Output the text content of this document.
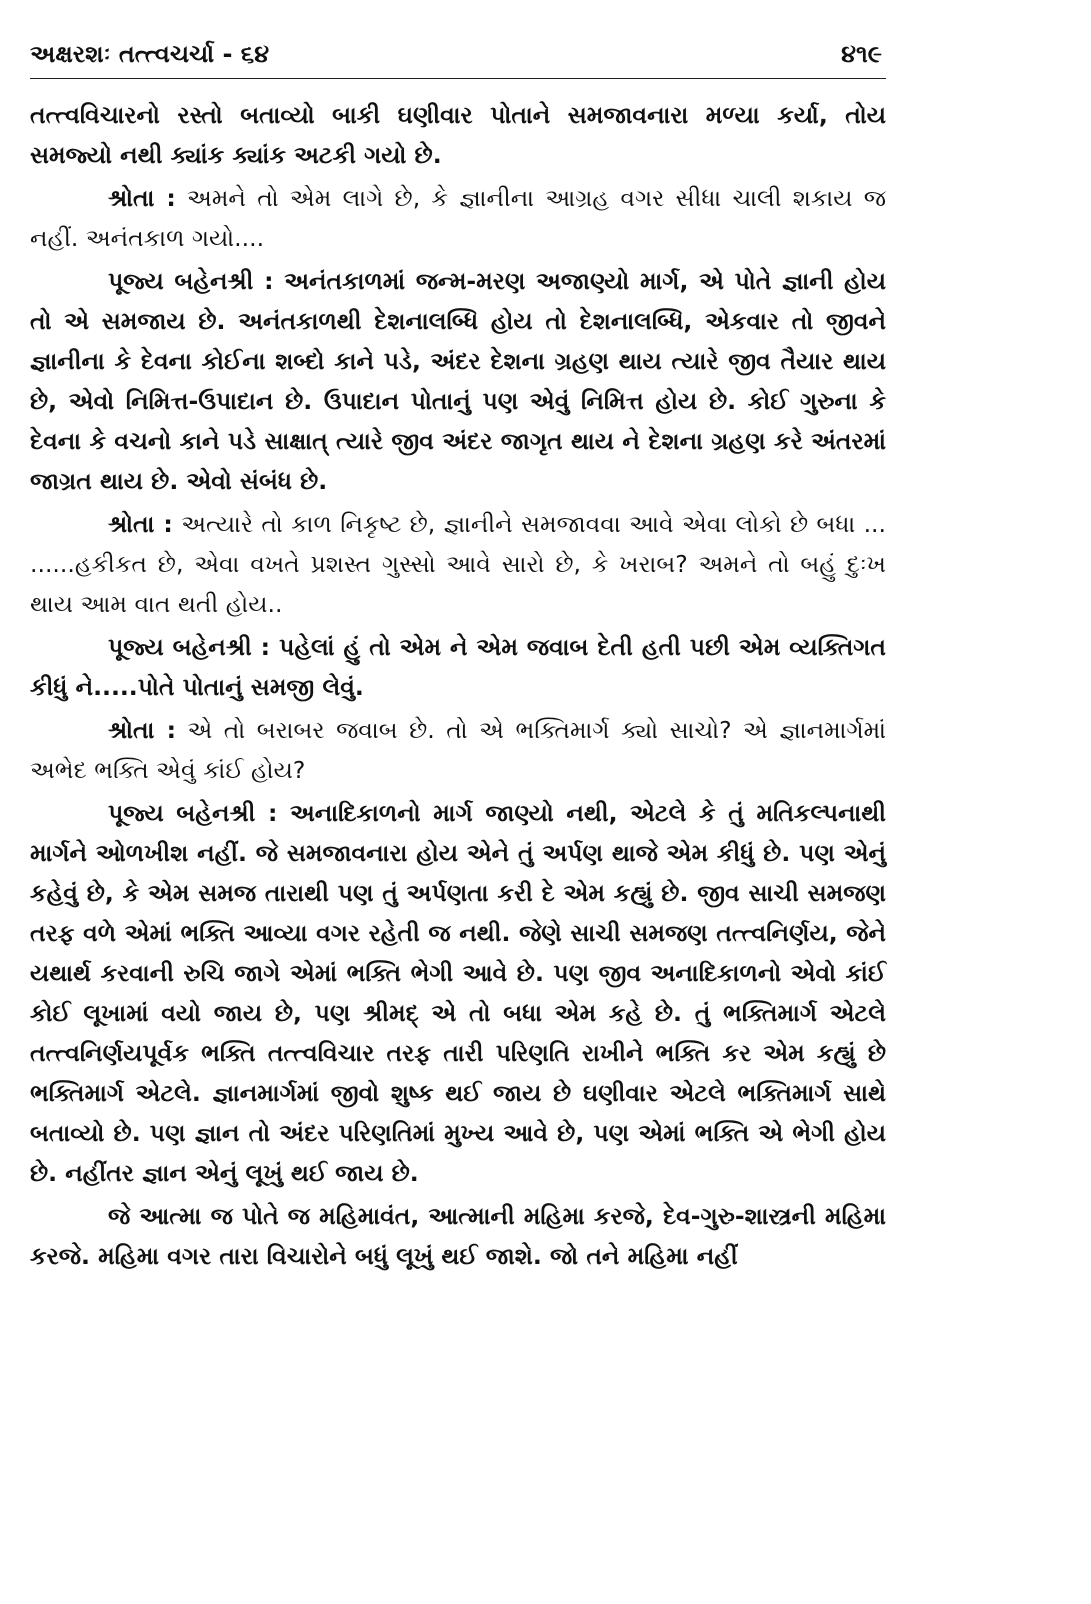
અક્ષરશઃ તત્ત્વચર્ચા - ૬૪	૪૧૯

તત્ત્વવિચારનો રસ્તો બતાવ્યો બાકી ઘણીવાર પોતાને સમજાવનારા મળ્યા કર્યા, તોય સમજ્યો નથી ક્યાંક ક્યાંક અટકી ગયો છે.

શ્રોતા : અમને તો એમ લાગે છે, કે જ્ઞાનીના આગ્રહ વગર સીધા ચાલી શકાય જ નહીં. અનંતકાળ ગયો....

પૂજ્ય બહેનશ્રી : અનંતકાળમાં જન્મ-મરણ અજાણ્યો માર્ગ, એ પોતે જ્ઞાની હોય તો એ સમજાય છે. અનંતકાળથી દેશનાલબ્ધિ હોય તો દેશનાલબ્ધિ, એકવાર તો જીવને જ્ઞાનીના કે દેવના કોઈના શબ્દો કાને પડે, અંદર દેશના ગ્રહણ થાય ત્યારે જીવ તૈયાર થાય છે, એવો નિમિત્ત-ઉપાદાન છે. ઉપાદાન પોતાનું પણ એવું નિમિત્ત હોય છે. કોઈ ગુરુના કે દેવના કે વચનો કાને પડે સાક્ષાત્ ત્યારે જીવ અંદર જાગૃત થાય ને દેશના ગ્રહણ કરે અંતરમાં જાગ્રત થાય છે. એવો સંબંધ છે.

શ્રોતા : અત્યારે તો કાળ નિકૃષ્ટ છે, જ્ઞાનીને સમજાવવા આવે એવા લોકો છે બધા ... ......હકીકત છે, એવા વખતે પ્રશસ્ત ગુસ્સો આવે સારો છે, કે ખરાબ? અમને તો બહું દુઃખ થાય આમ વાત થતી હોય..

પૂજ્ય બહેનશ્રી : પહેલાં હું તો એમ ને એમ જવાબ દેતી હતી પછી એમ વ્યક્તિગત કીધું ને.....પોતે પોતાનું સમજી લેવું.

શ્રોતા : એ તો બરાબર જવાબ છે. તો એ ભક્તિમાર્ગ ક્યો સાચો? એ જ્ઞાનમાર્ગમાં અભેદ ભક્તિ એવું કાંઈ હોય?

પૂજ્ય બહેનશ્રી : અનાદિકાળનો માર્ગ જાણ્યો નથી, એટલે કે તું મતિકલ્પનાથી માર્ગને ઓળખીશ નહીં. જે સમજાવનારા હોય એને તું અર્પણ થાજે એમ કીધું છે. પણ એનું કહેવું છે, કે એમ સમજ તારાથી પણ તું અર્પણતા કરી દે એમ કહ્યું છે. જીવ સાચી સમજણ તરફ વળે એમાં ભક્તિ આવ્યા વગર રહેતી જ નથી. જેણે સાચી સમજણ તત્ત્વનિર્ણય, જેને યથાર્થ કરવાની રુચિ જાગે એમાં ભક્તિ ભેગી આવે છે. પણ જીવ અનાદિકાળનો એવો કાંઈ કોઈ લૂખામાં વયો જાય છે, પણ શ્રીમદ્ એ તો બધા એમ કહે છે. તું ભક્તિમાર્ગ એટલે તત્ત્વનિર્ણયપૂર્વક ભક્તિ તત્ત્વવિચાર તરફ તારી પરિણતિ રાખીને ભક્તિ કર એમ કહ્યું છે ભક્તિમાર્ગ એટલે. જ્ઞાનમાર્ગમાં જીવો શુષ્ક થઈ જાય છે ઘણીવાર એટલે ભક્તિમાર્ગ સાથે બતાવ્યો છે. પણ જ્ઞાન તો અંદર પરિણતિમાં મુખ્ય આવે છે, પણ એમાં ભક્તિ એ ભેગી હોય છે. નહીંતર જ્ઞાન એનું લૂખું થઈ જાય છે.

જે આત્મા જ પોતે જ મહિમાવંત, આત્માની મહિમા કરજે, દેવ-ગુરુ-શાસ્ત્રની મહિમા કરજે. મહિમા વગર તારા વિચારોને બધું લૂખું થઈ જાશે. જો તને મહિમા નહીં
